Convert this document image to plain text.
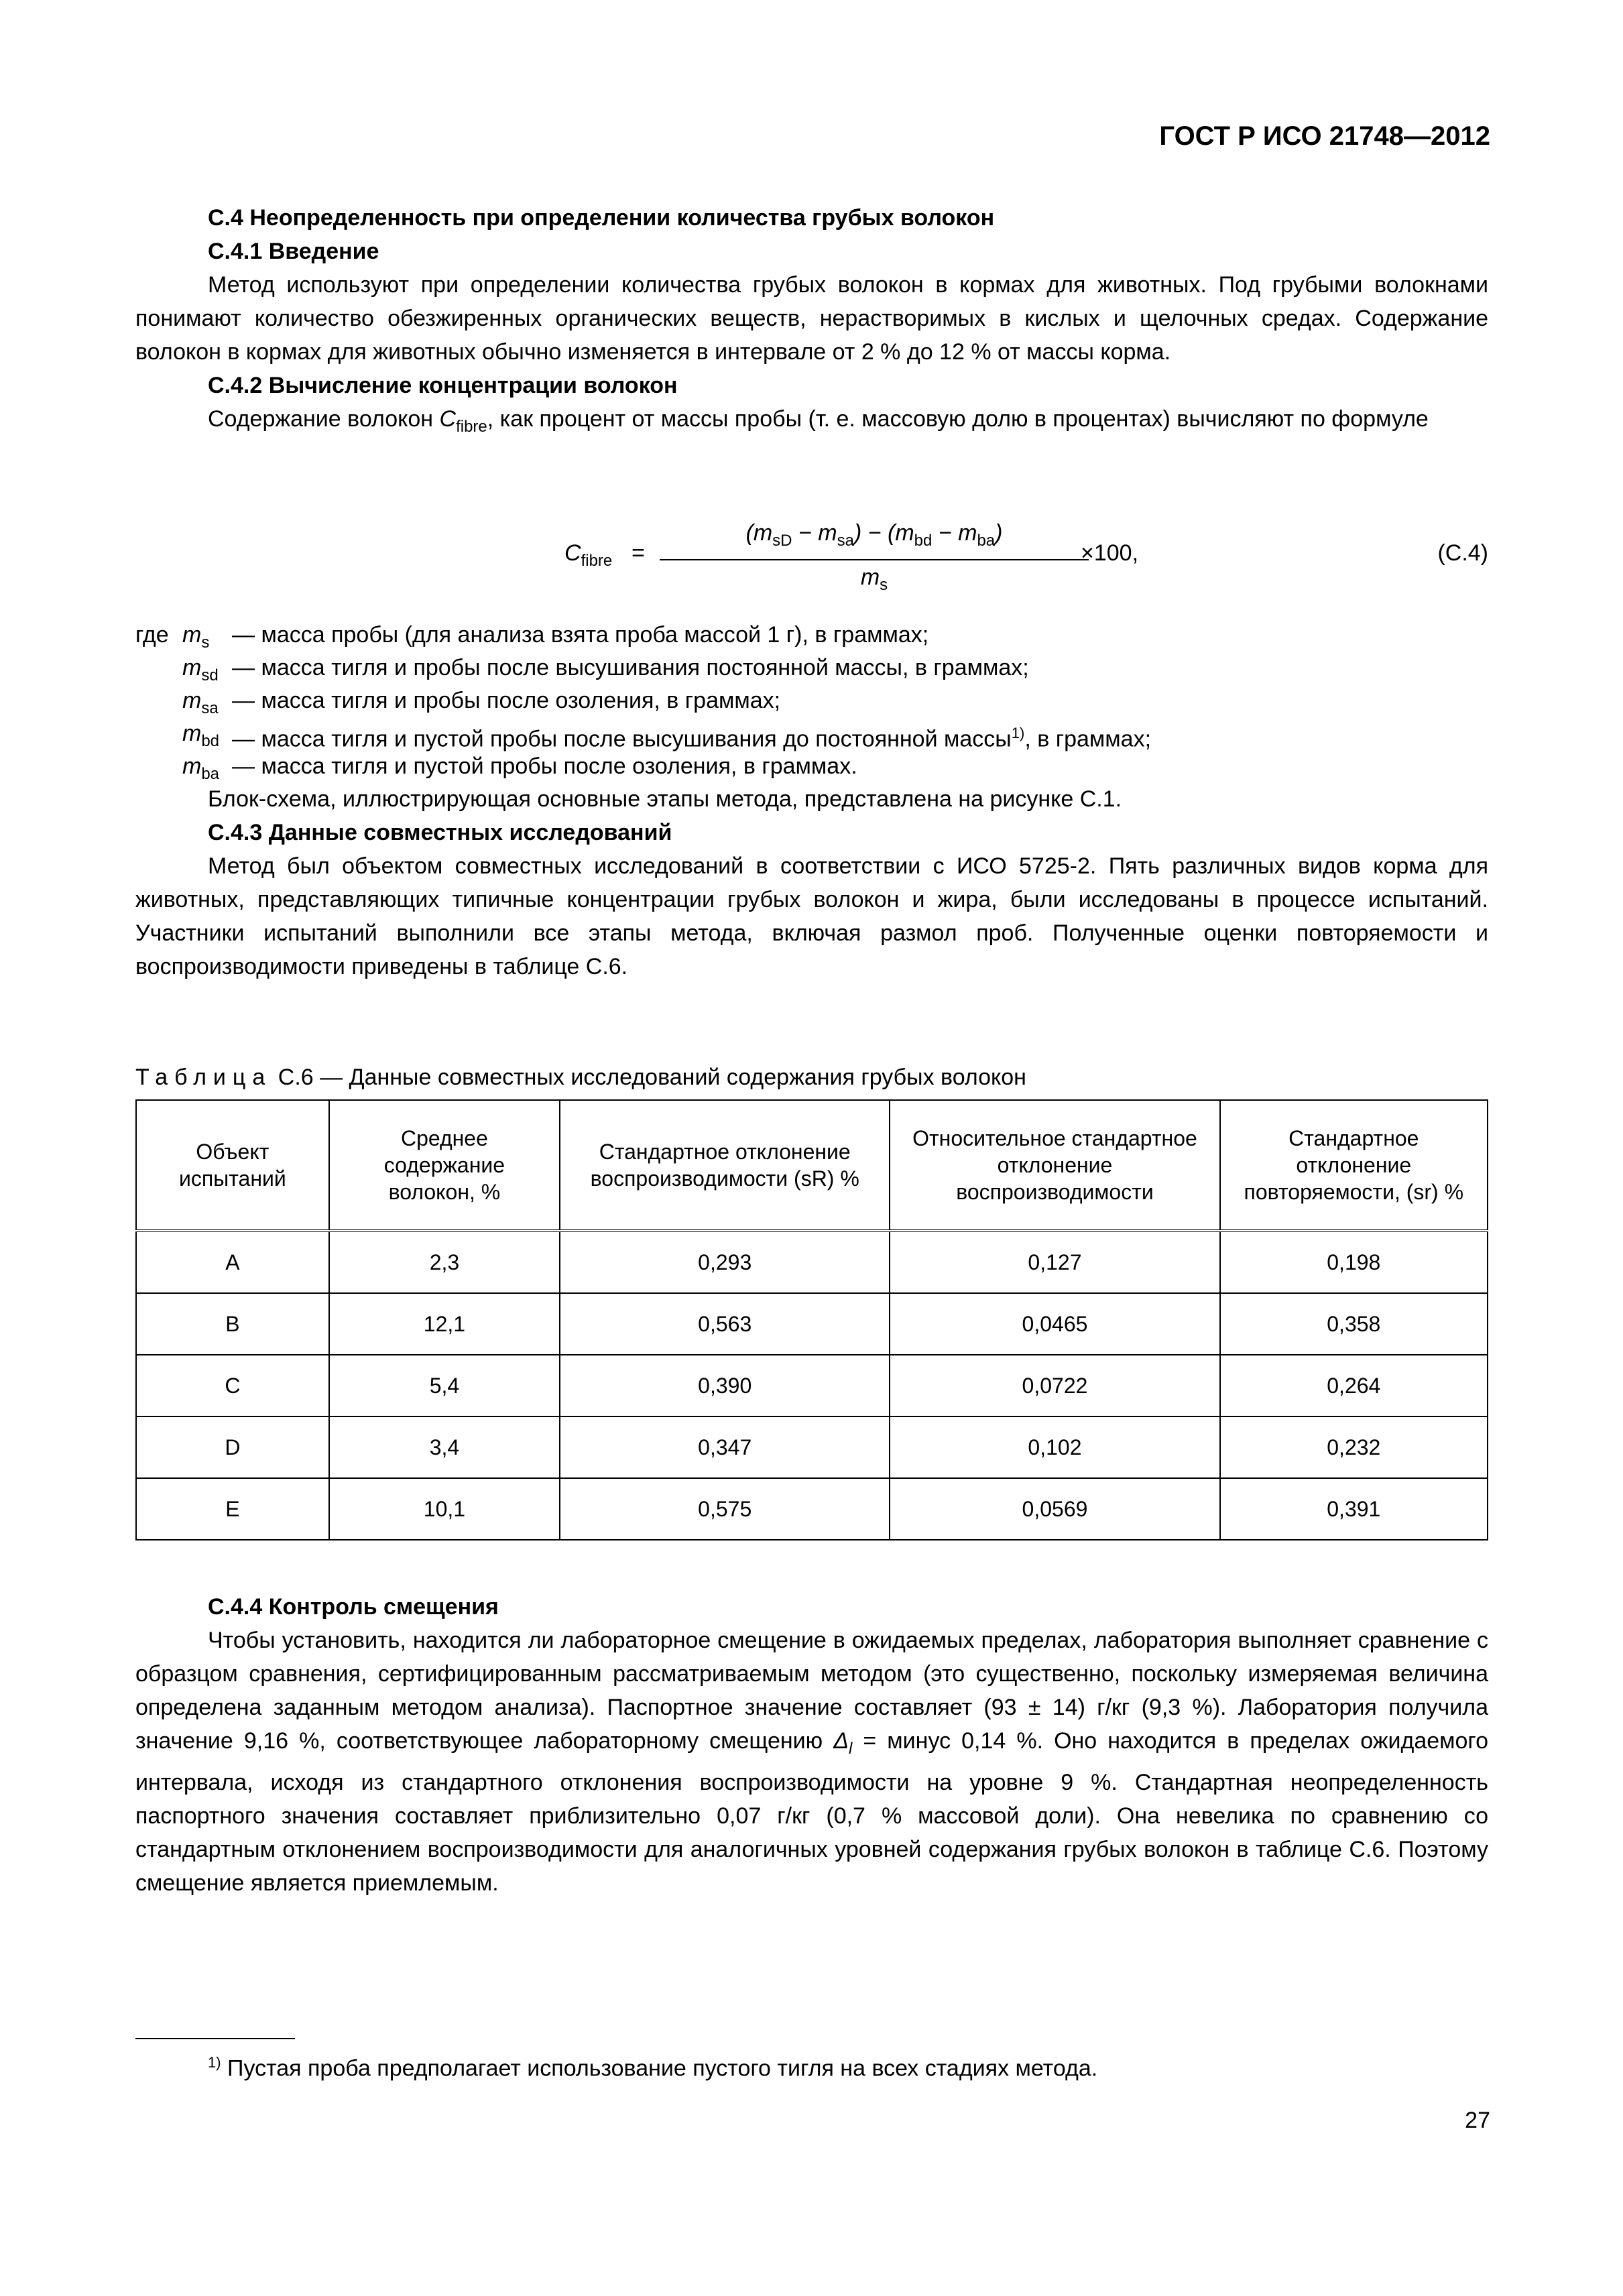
ГОСТ Р ИСО 21748—2012

С.4 Неопределенность при определении количества грубых волокон

С.4.1 Введение

Метод используют при определении количества грубых волокон в кормах для животных. Под грубыми волокнами понимают количество обезжиренных органических веществ, нерастворимых в кислых и щелочных средах. Содержание волокон в кормах для животных обычно изменяется в интервале от 2 % до 12 % от массы корма.

С.4.2 Вычисление концентрации волокон

Содержание волокон $C_{fibre}$, как процент от массы пробы (т. е. массовую долю в процентах) вычисляют по формуле

$C_{fibre}$ =
$(m_{sD} - m_{sa}) - (m_{bd} - m_{ba})$
$m_s$
×100,	(С.4)
где $m_s$ — масса пробы (для анализа взята проба массой 1 г), в граммах;
$m_{sd}$ — масса тигля и пробы после высушивания постоянной массы, в граммах;
$m_{sa}$ — масса тигля и пробы после озоления, в граммах;
$m_{bd}$ — масса тигля и пустой пробы после высушивания до постоянной массы$^{1)}$, в граммах;
$m_{ba}$ — масса тигля и пустой пробы после озоления, в граммах.

Блок-схема, иллюстрирующая основные этапы метода, представлена на рисунке С.1.

С.4.3 Данные совместных исследований

Метод был объектом совместных исследований в соответствии с ИСО 5725-2. Пять различных видов корма для животных, представляющих типичные концентрации грубых волокон и жира, были исследованы в процессе испытаний. Участники испытаний выполнили все этапы метода, включая размол проб. Полученные оценки повторяемости и воспроизводимости приведены в таблице С.6.

Таблица С.6 — Данные совместных исследований содержания грубых волокон
Объект испытаний	Среднее содержание волокон, %	Стандартное отклонение воспроизводимости (sR) %	Относительное стандартное отклонение воспроизводимости	Стандартное отклонение повторяемости, (sr) %
A	2,3	0,293	0,127	0,198
B	12,1	0,563	0,0465	0,358
C	5,4	0,390	0,0722	0,264
D	3,4	0,347	0,102	0,232
E	10,1	0,575	0,0569	0,391

С.4.4 Контроль смещения

Чтобы установить, находится ли лабораторное смещение в ожидаемых пределах, лаборатория выполняет сравнение с образцом сравнения, сертифицированным рассматриваемым методом (это существенно, поскольку измеряемая величина определена заданным методом анализа). Паспортное значение составляет (93 ± 14) г/кг (9,3 %). Лаборатория получила значение 9,16 %, соответствующее лабораторному смещению $\Delta_l$ = минус 0,14 %. Оно находится в пределах ожидаемого интервала, исходя из стандартного отклонения воспроизводимости на уровне 9 %. Стандартная неопределенность паспортного значения составляет приблизительно 0,07 г/кг (0,7 % массовой доли). Она невелика по сравнению со стандартным отклонением воспроизводимости для аналогичных уровней содержания грубых волокон в таблице С.6. Поэтому смещение является приемлемым.

$^{1)}$ Пустая проба предполагает использование пустого тигля на всех стадиях метода.
27
